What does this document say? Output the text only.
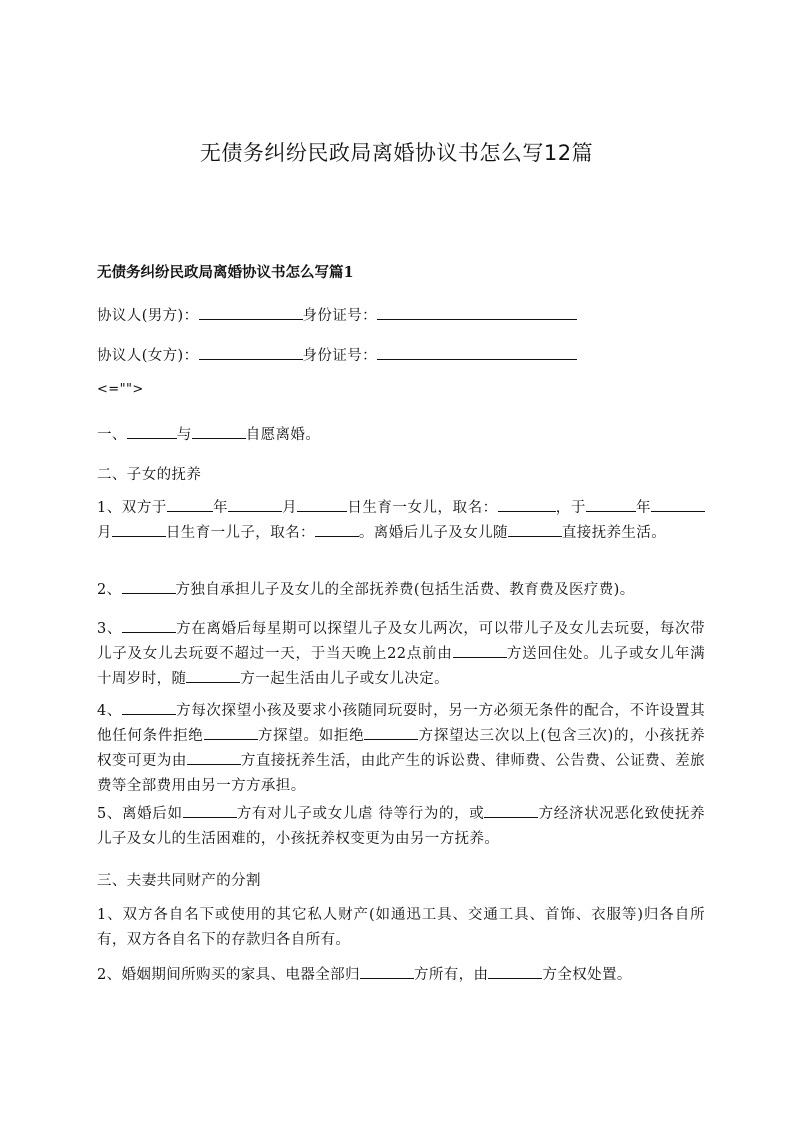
无债务纠纷民政局离婚协议书怎么写12篇
无债务纠纷民政局离婚协议书怎么写篇1
协议人(男方)：	身份证号：
协议人(女方)：	身份证号：
<="">
一、	与	自愿离婚。
二、子女的抚养
1、双方于	年	月	日生育一女儿，取名：	，于	年月	日生育一儿子，取名：	。离婚后儿子及女儿随	直接抚养生活。
2、	方独自承担儿子及女儿的全部抚养费(包括生活费、教育费及医疗费)。
3、	方在离婚后每星期可以探望儿子及女儿两次，可以带儿子及女儿去玩耍，每次带儿子及女儿去玩耍不超过一天，于当天晚上22点前由	方送回住处。儿子或女儿年满十周岁时，随	方一起生活由儿子或女儿决定。
4、	方每次探望小孩及要求小孩随同玩耍时，另一方必须无条件的配合，不许设置其他任何条件拒绝	方探望。如拒绝	方探望达三次以上(包含三次)的，小孩抚养权变可更为由	方直接抚养生活，由此产生的诉讼费、律师费、公告费、公证费、差旅费等全部费用由另一方方承担。
5、离婚后如	方有对儿子或女儿虐 待等行为的，或	方经济状况恶化致使抚养儿子及女儿的生活困难的，小孩抚养权变更为由另一方抚养。
三、夫妻共同财产的分割
1、双方各自名下或使用的其它私人财产(如通迅工具、交通工具、首饰、衣服等)归各自所有，双方各自名下的存款归各自所有。
2、婚姻期间所购买的家具、电器全部归	方所有，由	方全权处置。
